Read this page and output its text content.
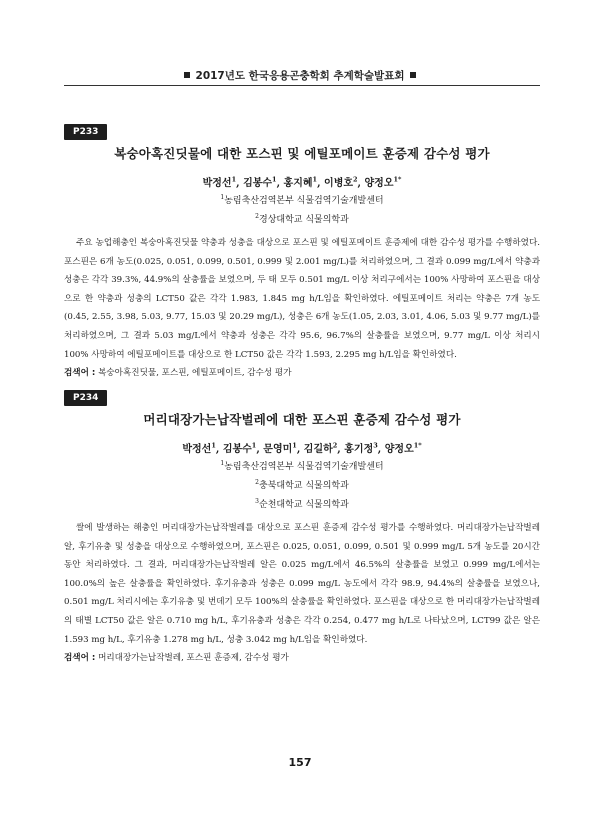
2017년도 한국응용곤충학회 추계학술발표회
P233
복숭아혹진딧물에 대한 포스핀 및 에틸포메이트 훈증제 감수성 평가
박정선$^1$, 김봉수$^1$, 홍지혜$^1$, 이병호$^2$, 양정오$^{1*}$
$^1$농림축산검역본부 식물검역기술개발센터
$^2$경상대학교 식물의학과
주요 농업해충인 복숭아혹진딧물 약충과 성충을 대상으로 포스핀 및 에틸포메이트 훈증제에 대한 감수성 평가를 수행하였다. 포스핀은 6개 농도(0.025, 0.051, 0.099, 0.501, 0.999 및 2.001 mg/L)를 처리하였으며, 그 결과 0.099 mg/L에서 약충과 성충은 각각 39.3%, 44.9%의 살충률을 보였으며, 두 태 모두 0.501 mg/L 이상 처리구에서는 100% 사망하여 포스핀을 대상으로 한 약충과 성충의 LCT50 값은 각각 1.983, 1.845 mg h/L임을 확인하였다. 에틸포메이트 처리는 약충은 7개 농도(0.45, 2.55, 3.98, 5.03, 9.77, 15.03 및 20.29 mg/L), 성충은 6개 농도(1.05, 2.03, 3.01, 4.06, 5.03 및 9.77 mg/L)를 처리하였으며, 그 결과 5.03 mg/L에서 약충과 성충은 각각 95.6, 96.7%의 살충률을 보였으며, 9.77 mg/L 이상 처리시 100% 사망하여 에틸포메이트를 대상으로 한 LCT50 값은 각각 1.593, 2.295 mg h/L임을 확인하였다.
검색어 : 복숭아혹진딧물, 포스핀, 에틸포메이트, 감수성 평가
P234
머리대장가는납작벌레에 대한 포스핀 훈증제 감수성 평가
박정선$^1$, 김봉수$^1$, 문영미$^1$, 김길하$^2$, 홍기정$^3$, 양정오$^{1*}$
$^1$농림축산검역본부 식물검역기술개발센터
$^2$충북대학교 식물의학과
$^3$순천대학교 식물의학과
쌀에 발생하는 해충인 머리대장가는납작벌레를 대상으로 포스핀 훈증제 감수성 평가를 수행하였다. 머리대장가는납작벌레 알, 후기유충 및 성충을 대상으로 수행하였으며, 포스핀은 0.025, 0.051, 0.099, 0.501 및 0.999 mg/L 5개 농도를 20시간 동안 처리하였다. 그 결과, 머리대장가는납작벌레 알은 0.025 mg/L에서 46.5%의 살충률을 보였고 0.999 mg/L에서는 100.0%의 높은 살충률을 확인하였다. 후기유충과 성충은 0.099 mg/L 농도에서 각각 98.9, 94.4%의 살충률을 보였으나, 0.501 mg/L 처리시에는 후기유충 및 번데기 모두 100%의 살충률을 확인하였다. 포스핀을 대상으로 한 머리대장가는납작벌레의 태별 LCT50 값은 알은 0.710 mg h/L, 후기유충과 성충은 각각 0.254, 0.477 mg h/L로 나타났으며, LCT99 값은 알은 1.593 mg h/L, 후기유충 1.278 mg h/L, 성충 3.042 mg h/L임을 확인하였다.
검색어 : 머리대장가는납작벌레, 포스핀 훈증제, 감수성 평가
157
